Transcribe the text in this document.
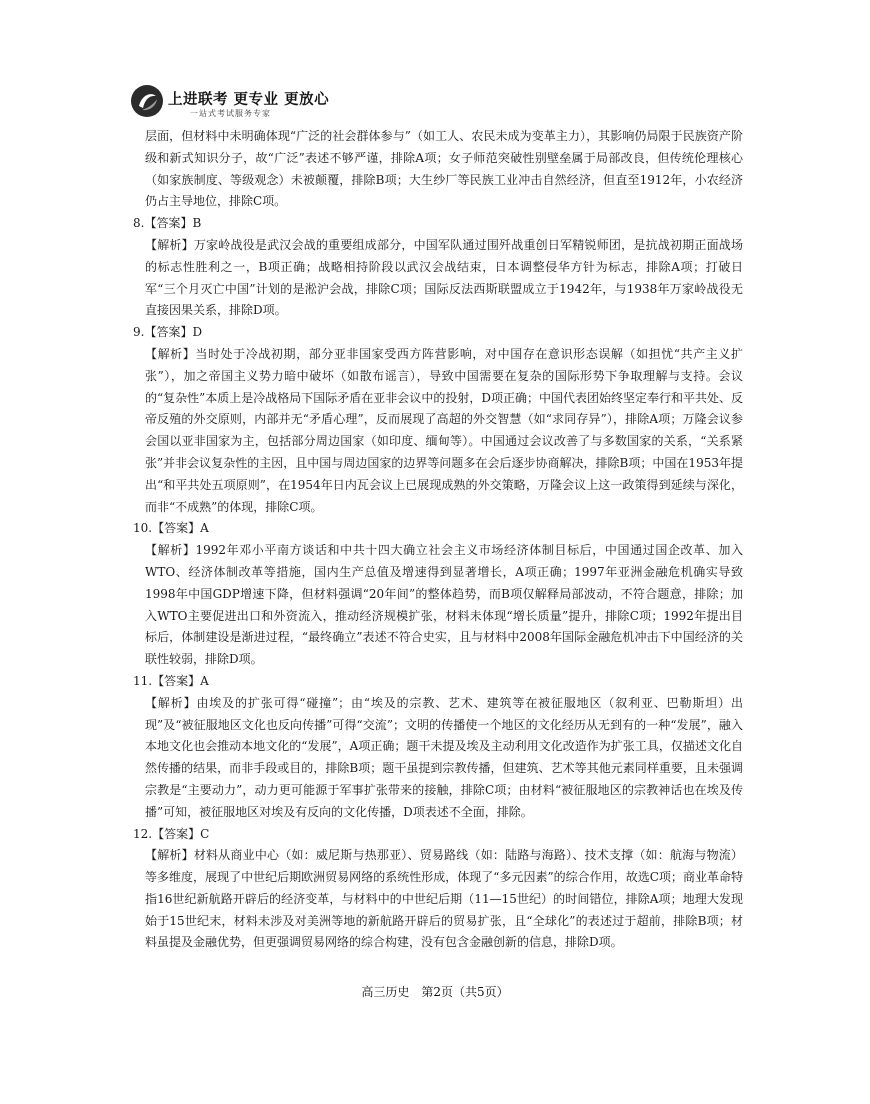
上进联考 更专业 更放心
一站式考试服务专家

层面，但材料中未明确体现“广泛的社会群体参与”（如工人、农民未成为变革主力），其影响仍局限于民族资产阶级和新式知识分子，故“广泛”表述不够严谨，排除A项；女子师范突破性别壁垒属于局部改良，但传统伦理核心（如家族制度、等级观念）未被颠覆，排除B项；大生纱厂等民族工业冲击自然经济，但直至1912年，小农经济仍占主导地位，排除C项。

8.【答案】B

【解析】万家岭战役是武汉会战的重要组成部分，中国军队通过围歼战重创日军精锐师团，是抗战初期正面战场的标志性胜利之一，B项正确；战略相持阶段以武汉会战结束，日本调整侵华方针为标志，排除A项；打破日军“三个月灭亡中国”计划的是淞沪会战，排除C项；国际反法西斯联盟成立于1942年，与1938年万家岭战役无直接因果关系，排除D项。

9.【答案】D

【解析】当时处于冷战初期，部分亚非国家受西方阵营影响，对中国存在意识形态误解（如担忧“共产主义扩张”），加之帝国主义势力暗中破坏（如散布谣言），导致中国需要在复杂的国际形势下争取理解与支持。会议的“复杂性”本质上是冷战格局下国际矛盾在亚非会议中的投射，D项正确；中国代表团始终坚定奉行和平共处、反帝反殖的外交原则，内部并无“矛盾心理”，反而展现了高超的外交智慧（如“求同存异”），排除A项；万隆会议参会国以亚非国家为主，包括部分周边国家（如印度、缅甸等）。中国通过会议改善了与多数国家的关系，“关系紧张”并非会议复杂性的主因，且中国与周边国家的边界等问题多在会后逐步协商解决，排除B项；中国在1953年提出“和平共处五项原则”，在1954年日内瓦会议上已展现成熟的外交策略，万隆会议上这一政策得到延续与深化，而非“不成熟”的体现，排除C项。

10.【答案】A

【解析】1992年邓小平南方谈话和中共十四大确立社会主义市场经济体制目标后，中国通过国企改革、加入WTO、经济体制改革等措施，国内生产总值及增速得到显著增长，A项正确；1997年亚洲金融危机确实导致1998年中国GDP增速下降，但材料强调“20年间”的整体趋势，而B项仅解释局部波动，不符合题意，排除；加入WTO主要促进出口和外资流入，推动经济规模扩张，材料未体现“增长质量”提升，排除C项；1992年提出目标后，体制建设是渐进过程，“最终确立”表述不符合史实，且与材料中2008年国际金融危机冲击下中国经济的关联性较弱，排除D项。

11.【答案】A

【解析】由埃及的扩张可得“碰撞”；由“埃及的宗教、艺术、建筑等在被征服地区（叙利亚、巴勒斯坦）出现”及“被征服地区文化也反向传播”可得“交流”；文明的传播使一个地区的文化经历从无到有的一种“发展”，融入本地文化也会推动本地文化的“发展”，A项正确；题干未提及埃及主动利用文化改造作为扩张工具，仅描述文化自然传播的结果，而非手段或目的，排除B项；题干虽提到宗教传播，但建筑、艺术等其他元素同样重要，且未强调宗教是“主要动力”，动力更可能源于军事扩张带来的接触，排除C项；由材料“被征服地区的宗教神话也在埃及传播”可知，被征服地区对埃及有反向的文化传播，D项表述不全面，排除。

12.【答案】C

【解析】材料从商业中心（如：威尼斯与热那亚）、贸易路线（如：陆路与海路）、技术支撑（如：航海与物流）等多维度，展现了中世纪后期欧洲贸易网络的系统性形成，体现了“多元因素”的综合作用，故选C项；商业革命特指16世纪新航路开辟后的经济变革，与材料中的中世纪后期（11—15世纪）的时间错位，排除A项；地理大发现始于15世纪末，材料未涉及对美洲等地的新航路开辟后的贸易扩张，且“全球化”的表述过于超前，排除B项；材料虽提及金融优势，但更强调贸易网络的综合构建，没有包含金融创新的信息，排除D项。

高三历史　第2页（共5页）
